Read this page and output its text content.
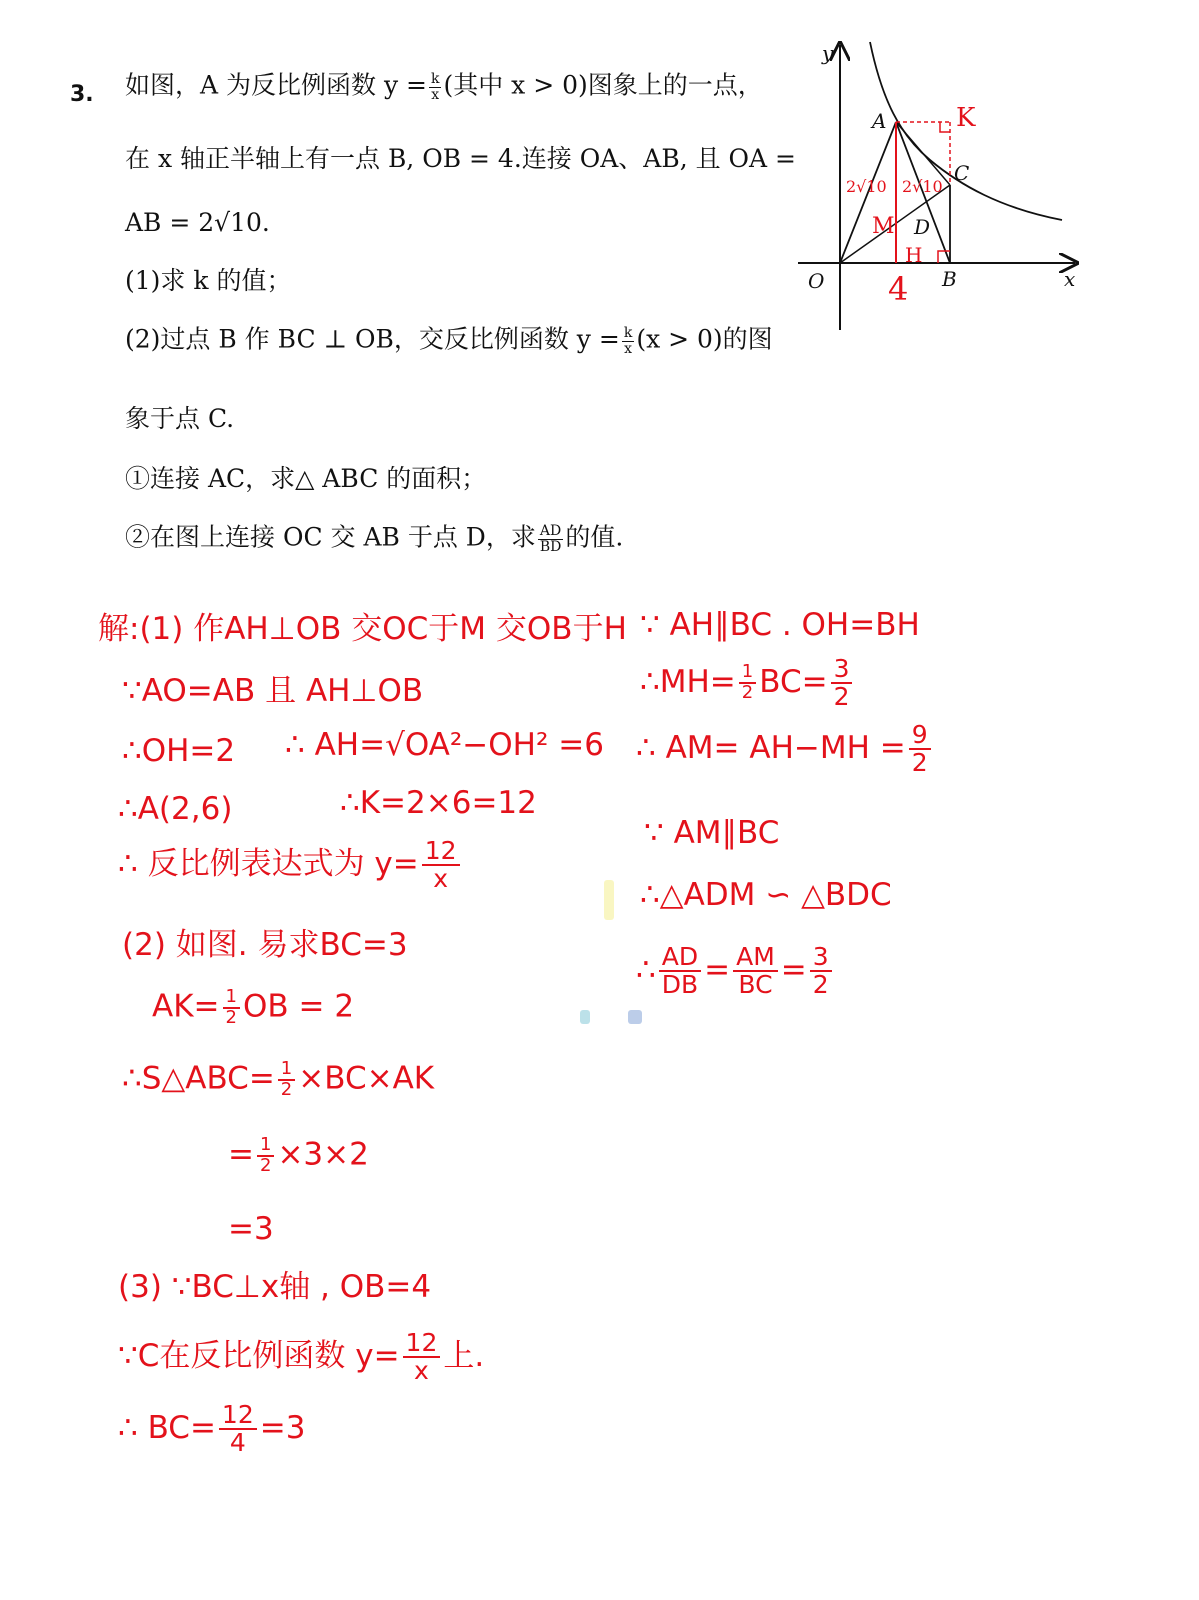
3. 如图，A 为反比例函数 $y = \frac{k}{x}$ (其中 x > 0)图象上的一点，
在 x 轴正半轴上有一点 B, OB = 4.连接 OA、AB, 且 OA =
AB = 2√10.
(1)求 k 的值；
(2)过点 B 作 BC ⊥ OB，交反比例函数 $y = \frac{k}{x} (x > 0)$的图
象于点 C.
①连接 AC，求△ ABC 的面积；
②在图上连接 OC 交 AB 于点 D，求 $\frac{AD}{BD}$ 的值.
y
x
O
A
B
C
D
K
M
H
4
2√10 2√10
解:(1) 作AH⊥OB 交OC于M 交OB于H
∵AO=AB 且 AH⊥OB
∴OH=2 ∴ AH=√OA²−OH² =6
∴A(2,6)	∴K=2×6=12
∴ 反比例表达式为 $y= \frac{12}{x}$
(2) 如图. 易求BC=3
$AK= \frac{1}{2}$ OB = 2
∴S△ABC= $\frac{1}{2} \times BC\times AK$
= $\frac{1}{2} \times 3\times 2$
=3
(3) ∵BC⊥x轴 , OB=4
∵C在反比例函数 $y= \frac{12}{x}$ 上.
∴ $BC= \frac{12}{4} =3$
∵ AH∥BC . OH=BH
∴MH= $\frac{1}{2} BC= \frac{3}{2}$
∴ $AM= AH-MH = \frac{9}{2}$
∵ AM∥BC
∴△ADM ∽ △BDC
∴ $\frac{AD}{DB} = \frac{AM}{BC} = \frac{3}{2}$
